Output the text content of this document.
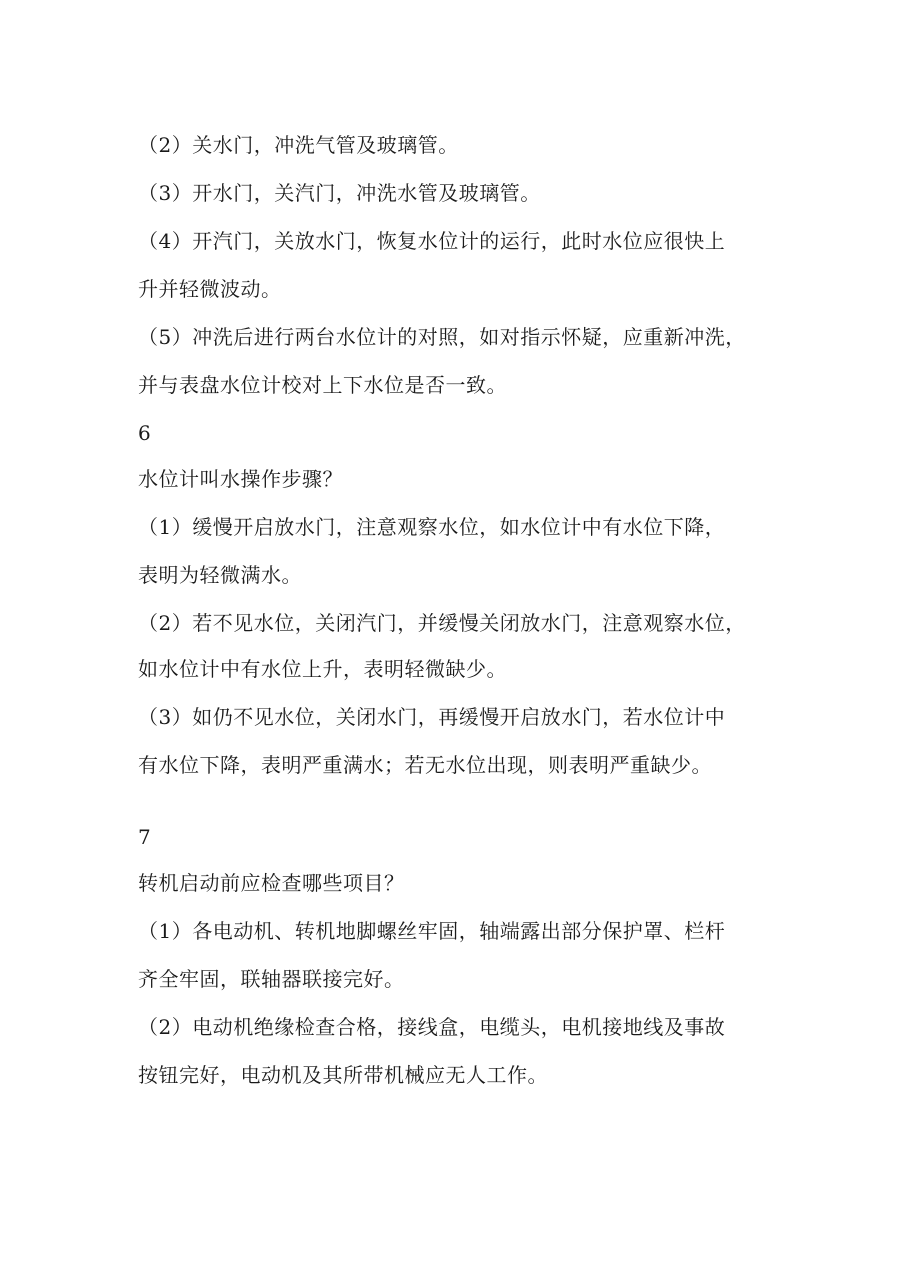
（2）关水门，冲洗气管及玻璃管。
（3）开水门，关汽门，冲洗水管及玻璃管。
（4）开汽门，关放水门，恢复水位计的运行，此时水位应很快上
升并轻微波动。
（5）冲洗后进行两台水位计的对照，如对指示怀疑，应重新冲洗，
并与表盘水位计校对上下水位是否一致。
6
水位计叫水操作步骤？
（1）缓慢开启放水门，注意观察水位，如水位计中有水位下降，
表明为轻微满水。
（2）若不见水位，关闭汽门，并缓慢关闭放水门，注意观察水位，
如水位计中有水位上升，表明轻微缺少。
（3）如仍不见水位，关闭水门，再缓慢开启放水门，若水位计中
有水位下降，表明严重满水；若无水位出现，则表明严重缺少。
7
转机启动前应检查哪些项目？
（1）各电动机、转机地脚螺丝牢固，轴端露出部分保护罩、栏杆
齐全牢固，联轴器联接完好。
（2）电动机绝缘检查合格，接线盒，电缆头，电机接地线及事故
按钮完好，电动机及其所带机械应无人工作。
